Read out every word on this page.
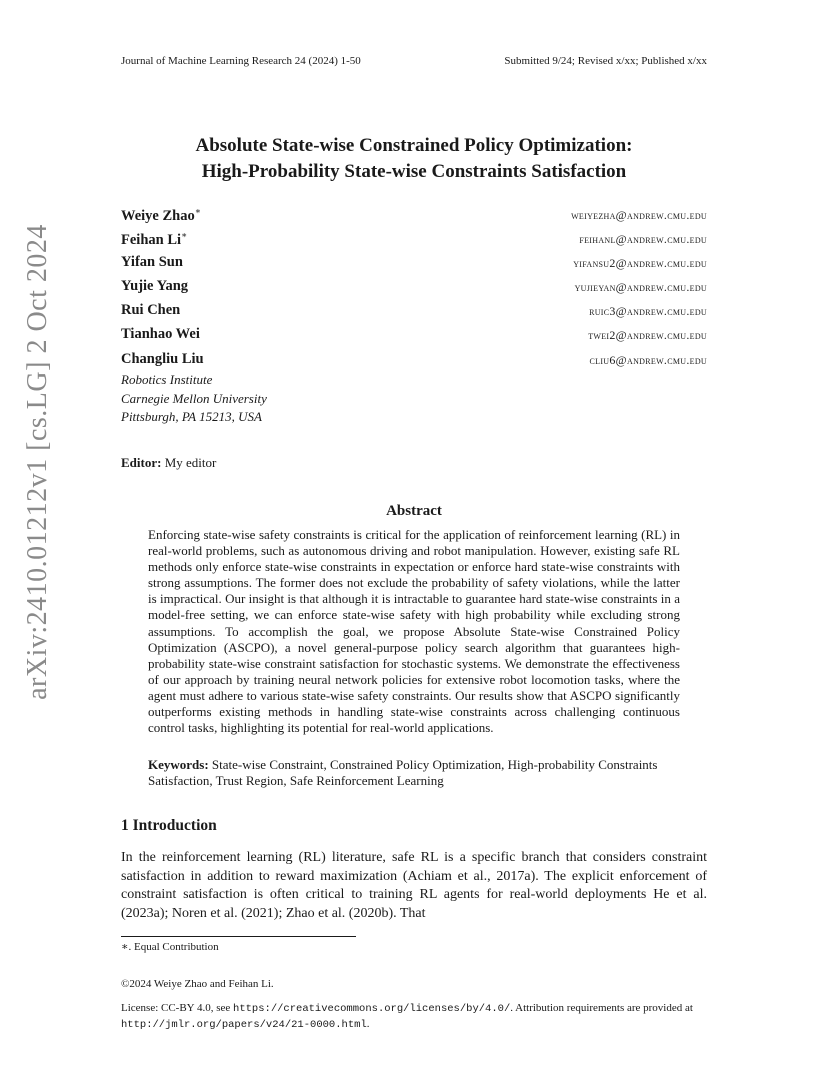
Journal of Machine Learning Research 24 (2024) 1-50	Submitted 9/24; Revised x/xx; Published x/xx
arXiv:2410.01212v1 [cs.LG] 2 Oct 2024
Absolute State-wise Constrained Policy Optimization:
High-Probability State-wise Constraints Satisfaction
Weiye Zhao∗	weiyezha@andrew.cmu.edu
Feihan Li∗	feihanl@andrew.cmu.edu
Yifan Sun	yifansu2@andrew.cmu.edu
Yujie Yang	yujieyan@andrew.cmu.edu
Rui Chen	ruic3@andrew.cmu.edu
Tianhao Wei	twei2@andrew.cmu.edu
Changliu Liu	cliu6@andrew.cmu.edu
Robotics Institute
Carnegie Mellon University
Pittsburgh, PA 15213, USA
Editor: My editor
Abstract
Enforcing state-wise safety constraints is critical for the application of reinforcement learning (RL) in real-world problems, such as autonomous driving and robot manipulation. However, existing safe RL methods only enforce state-wise constraints in expectation or enforce hard state-wise constraints with strong assumptions. The former does not exclude the probability of safety violations, while the latter is impractical. Our insight is that although it is intractable to guarantee hard state-wise constraints in a model-free setting, we can enforce state-wise safety with high probability while excluding strong assumptions. To accomplish the goal, we propose Absolute State-wise Constrained Policy Optimization (ASCPO), a novel general-purpose policy search algorithm that guarantees high-probability state-wise constraint satisfaction for stochastic systems. We demonstrate the effectiveness of our approach by training neural network policies for extensive robot locomotion tasks, where the agent must adhere to various state-wise safety constraints. Our results show that ASCPO significantly outperforms existing methods in handling state-wise constraints across challenging continuous control tasks, highlighting its potential for real-world applications.
Keywords: State-wise Constraint, Constrained Policy Optimization, High-probability Constraints Satisfaction, Trust Region, Safe Reinforcement Learning
1 Introduction
In the reinforcement learning (RL) literature, safe RL is a specific branch that considers constraint satisfaction in addition to reward maximization (Achiam et al., 2017a). The explicit enforcement of constraint satisfaction is often critical to training RL agents for real-world deployments He et al. (2023a); Noren et al. (2021); Zhao et al. (2020b). That
∗. Equal Contribution
©2024 Weiye Zhao and Feihan Li.
License: CC-BY 4.0, see https://creativecommons.org/licenses/by/4.0/. Attribution requirements are provided at http://jmlr.org/papers/v24/21-0000.html.
